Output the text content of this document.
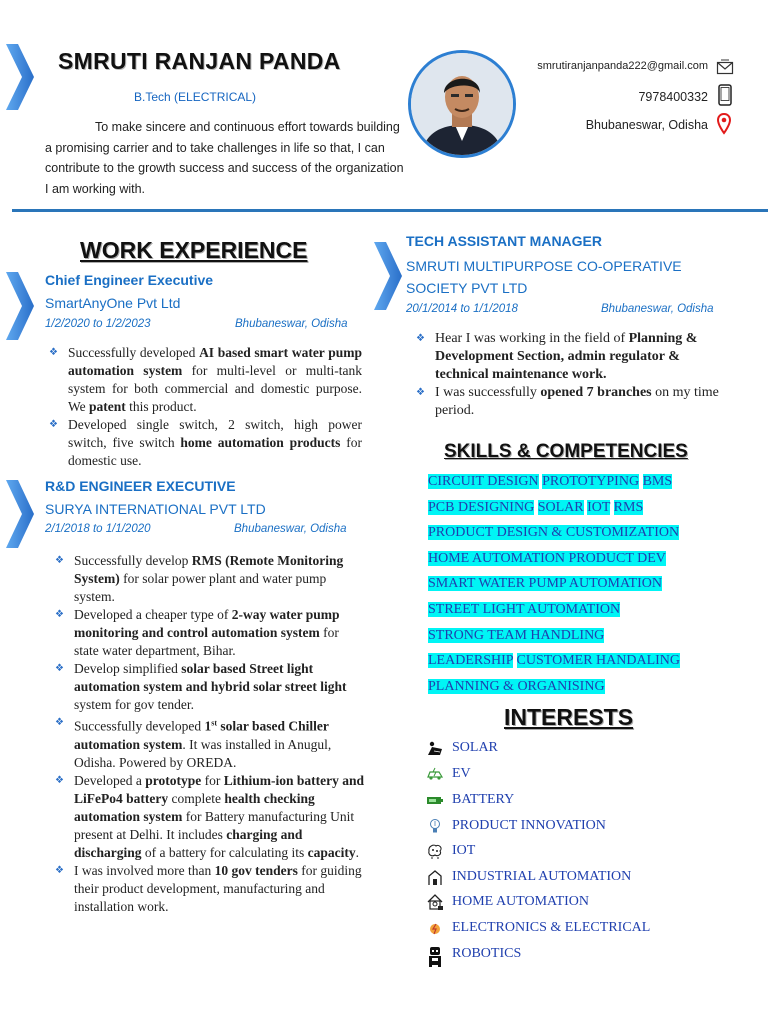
SMRUTI RANJAN PANDA
B.Tech (ELECTRICAL)
To make sincere and continuous effort towards building a promising carrier and to take challenges in life so that, I can contribute to the growth success and success of the organization I am working with.
smrutiranjanpanda222@gmail.com
7978400332
Bhubaneswar, Odisha
WORK EXPERIENCE
Chief Engineer Executive
SmartAnyOne Pvt Ltd
1/2/2020 to 1/2/2023	Bhubaneswar, Odisha
❖ Successfully developed AI based smart water pump automation system for multi-level or multi-tank system for both commercial and domestic purpose. We patent this product.
❖ Developed single switch, 2 switch, high power switch, five switch home automation products for domestic use.
R&D ENGINEER EXECUTIVE
SURYA INTERNATIONAL PVT LTD
2/1/2018 to 1/1/2020	Bhubaneswar, Odisha
❖ Successfully develop RMS (Remote Monitoring System) for solar power plant and water pump system.
❖ Developed a cheaper type of 2-way water pump monitoring and control automation system for state water department, Bihar.
❖ Develop simplified solar based Street light automation system and hybrid solar street light system for gov tender.
❖ Successfully developed 1st solar based Chiller automation system. It was installed in Anugul, Odisha. Powered by OREDA.
❖ Developed a prototype for Lithium-ion battery and LiFePo4 battery complete health checking automation system for Battery manufacturing Unit present at Delhi. It includes charging and discharging of a battery for calculating its capacity.
❖ I was involved more than 10 gov tenders for guiding their product development, manufacturing and installation work.
TECH ASSISTANT MANAGER
SMRUTI MULTIPURPOSE CO-OPERATIVE SOCIETY PVT LTD
20/1/2014 to 1/1/2018	Bhubaneswar, Odisha
❖ Hear I was working in the field of Planning & Development Section, admin regulator & technical maintenance work.
❖ I was successfully opened 7 branches on my time period.
SKILLS & COMPETENCIES
CIRCUIT DESIGN PROTOTYPING BMS
PCB DESIGNING SOLAR IOT RMS
PRODUCT DESIGN & CUSTOMIZATION
HOME AUTOMATION PRODUCT DEV
SMART WATER PUMP AUTOMATION
STREET LIGHT AUTOMATION
STRONG TEAM HANDLING
LEADERSHIP CUSTOMER HANDALING
PLANNING & ORGANISING
INTERESTS
SOLAR
EV
BATTERY
PRODUCT INNOVATION
IOT
INDUSTRIAL AUTOMATION
HOME AUTOMATION
ELECTRONICS & ELECTRICAL
ROBOTICS
